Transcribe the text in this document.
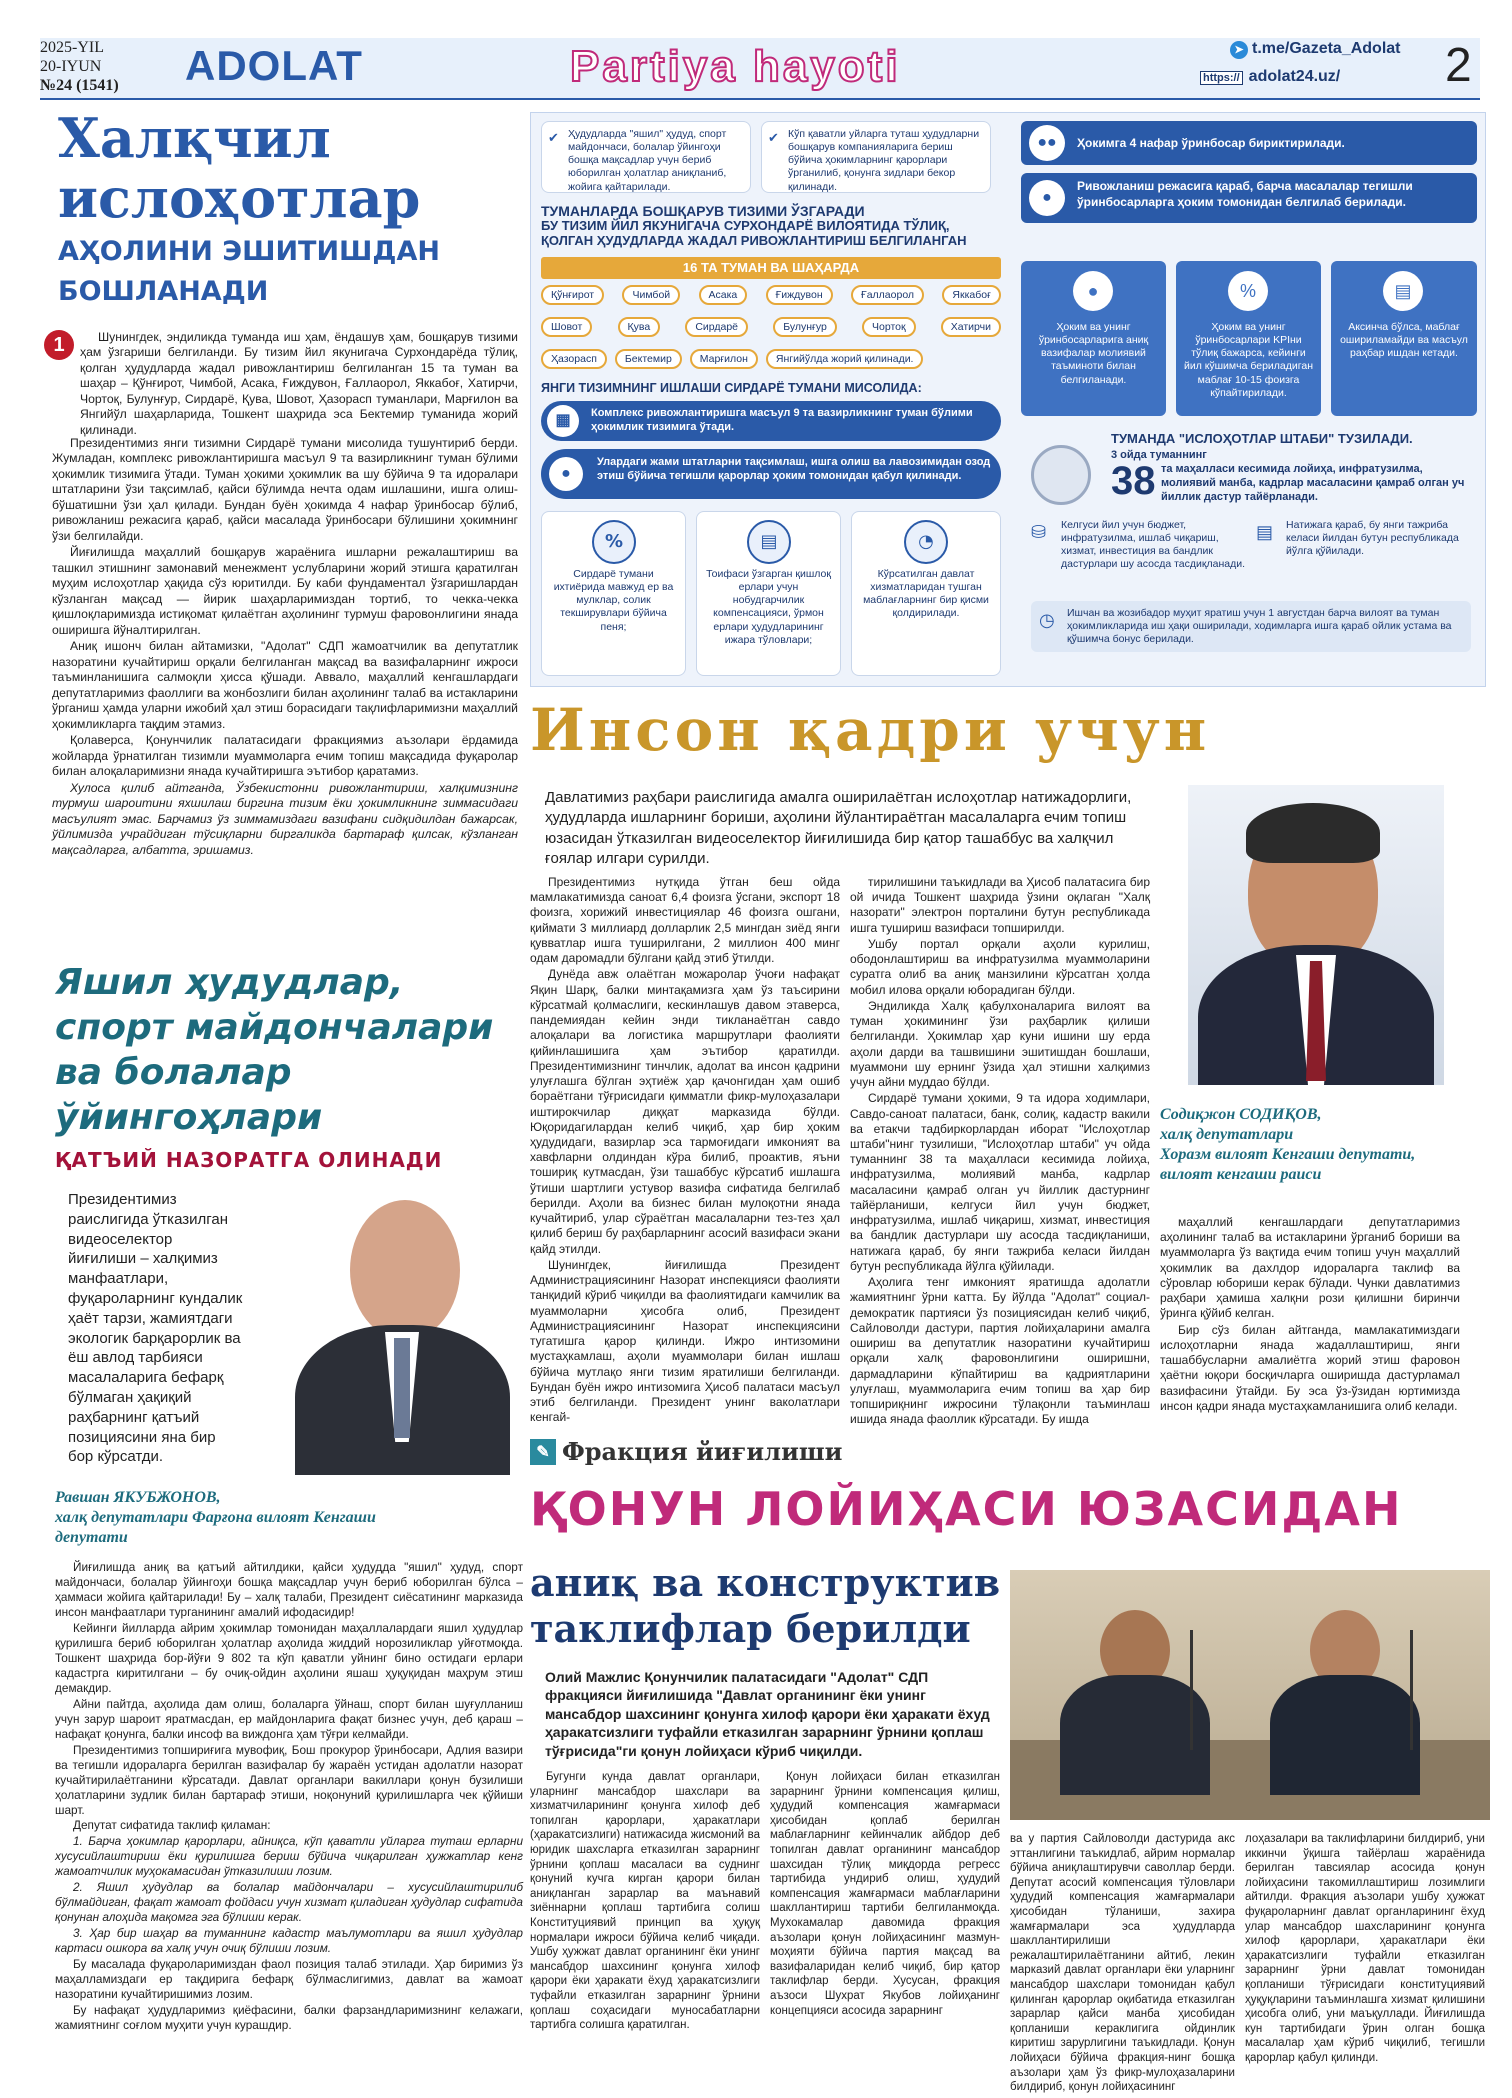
2025-YIL
20-IYUN
№24 (1541) ADOLAT	Partiya hayoti	➤ t.me/Gazeta_Adolat
https:// adolat24.uz/ 2
Халқчил
ислоҳотлар
АҲОЛИНИ ЭШИТИШДАН
БОШЛАНАДИ
1	Шунингдек, эндиликда туманда иш ҳам, ёндашув ҳам, бошқарув тизими ҳам ўзгариши белгиланди. Бу тизим йил якунигача Сурхондарёда тўлиқ, қолган ҳудудларда жадал ривожлантириш белгиланган 15 та туман ва шаҳар – Қўнғирот, Чимбой, Асака, Ғиждувон, Ғаллаорол, Яккабоғ, Хатирчи, Чортоқ, Булунғур, Сирдарё, Қува, Шовот, Ҳазорасп туманлари, Марғилон ва Янгийўл шаҳарларида, Тошкент шаҳрида эса Бектемир туманида жорий қилинади.

Президентимиз янги тизимни Сирдарё тумани мисолида тушунтириб берди. Жумладан, комплекс ривожлантиришга масъул 9 та вазирликнинг туман бўлими ҳокимлик тизимига ўтади. Туман ҳокими ҳокимлик ва шу бўйича 9 та идоралари штатларини ўзи тақсимлаб, қайси бўлимда нечта одам ишлашини, ишга олиш-бўшатишни ўзи ҳал қилади. Бундан буён ҳокимда 4 нафар ўринбосар бўлиб, ривожланиш режасига қараб, қайси масалада ўринбосари бўлишини ҳокимнинг ўзи белгилайди.

Йиғилишда маҳаллий бошқарув жараёнига ишларни режалаштириш ва ташкил этишнинг замонавий менежмент услубларини жорий этишга қаратилган муҳим ислоҳотлар ҳақида сўз юритилди. Бу каби фундаментал ўзгаришлардан кўзланган мақсад — йирик шаҳарларимиздан тортиб, то чекка-чекка қишлоқларимизда истиқомат қилаётган аҳолининг турмуш фаровонлигини янада оширишга йўналтирилган.

Аниқ ишонч билан айтамизки, "Адолат" СДП жамоатчилик ва депутатлик назоратини кучайтириш орқали белгиланган мақсад ва вазифаларнинг ижроси таъминланишига салмоқли ҳисса қўшади. Аввало, маҳаллий кенгашлардаги депутатларимиз фаоллиги ва жонбозлиги билан аҳолининг талаб ва истакларини ўрганиш ҳамда уларни ижобий ҳал этиш борасидаги тақлифларимизни маҳаллий ҳокимликларга тақдим этамиз.

Қолаверса, Қонунчилик палатасидаги фракциямиз аъзолари ёрдамида жойларда ўрнатилган тизимли муаммоларга ечим топиш мақсадида фуқаролар билан алоқаларимизни янада кучайтиришга эътибор қаратамиз.

Хулоса қилиб айтганда, Ўзбекистонни ривожлантириш, халқимизнинг турмуш шароитини яхшилаш биргина тизим ёки ҳокимликнинг зиммасидаги масъулият эмас. Барчамиз ўз зиммамиздаги вазифани сидқидилдан бажарсак, ўйлимизда учрайдиган тўсиқларни биргаликда бартараф қилсак, кўзланган мақсадларга, албатта, эришамиз.

✔ Ҳудудларда "яшил" ҳудуд, спорт майдончаси, болалар ўйингоҳи бошқа мақсадлар учун бериб юборилган ҳолатлар аниқланиб, жойига қайтарилади.
✔ Кўп қаватли уйларга туташ ҳудудларни бошқарув компанияларига бериш бўйича ҳокимларнинг қарорлари ўрганилиб, қонунга зидлари бекор қилинади.
ТУМАНЛАРДА БОШҚАРУВ ТИЗИМИ ЎЗГАРАДИ
БУ ТИЗИМ ЙИЛ ЯКУНИГАЧА СУРХОНДАРЁ ВИЛОЯТИДА ТЎЛИҚ, ҚОЛГАН ҲУДУДЛАРДА ЖАДАЛ РИВОЖЛАНТИРИШ БЕЛГИЛАНГАН
16 ТА ТУМАН ВА ШАҲАРДА
Қўнғирот	Чимбой	Асака	Ғиждувон	Ғаллаорол	Яккабоғ
Шовот	Қува	Сирдарё	Булунғур	Чортоқ	Хатирчи
Ҳазорасп	Бектемир	Марғилон	Янгийўлда жорий қилинади.
ЯНГИ ТИЗИМНИНГ ИШЛАШИ СИРДАРЁ ТУМАНИ МИСОЛИДА:
▦	Комплекс ривожлантиришга масъул 9 та вазирликнинг туман бўлими ҳокимлик тизимига ўтади.
●
Улардаги жами штатларни тақсимлаш, ишга олиш ва лавозимидан озод этиш бўйича тегишли қарорлар ҳоким томонидан қабул қилинади.
%
Сирдарё тумани ихтиёрида мавжуд ер ва мулклар, солик текширувлари бўйича пеня;
▤
Тоифаси ўзгарган қишлоқ ерлари учун нобудгарчилик компенсацияси, ўрмон ерлари ҳудудларининг ижара тўловлари;
◔
Кўрсатилган давлат хизматларидан тушган маблағларнинг бир қисми қолдирилади.
●●	Ҳокимга 4 нафар ўринбосар бириктирилади.
●
Ривожланиш режасига қараб, барча масалалар тегишли ўринбосарларга ҳоким томонидан белгилаб берилади.
●
Ҳоким ва унинг ўринбосарларига аниқ вазифалар молиявий таъминоти билан белгиланади.
%
Ҳоким ва унинг ўринбосарлари KPIни тўлиқ бажарса, кейинги йил кўшимча бериладиган маблағ 10-15 фоизга кўпайтирилади.
▤
Аксинча бўлса, маблағ ошириламайди ва масъул раҳбар ишдан кетади.
ТУМАНДА "ИСЛОҲОТЛАР ШТАБИ" ТУЗИЛАДИ.
3 ойда туманнинг
38 та маҳалласи кесимида лойиҳа, инфратузилма, молиявий манба, кадрлар масаласини қамраб олган уч йиллик дастур тайёрланади.
⛁ Келгуси йил учун бюджет, инфратузилма, ишлаб чиқариш, хизмат, инвестиция ва бандлик дастурлари шу асосда тасдиқланади.
▤ Натижага қараб, бу янги тажриба келаси йилдан бутун республикада йўлга қўйилади.
◷ Ишчан ва жозибадор муҳит яратиш учун 1 августдан барча вилоят ва туман ҳокимликларида иш ҳақи оширилади, ходимларга ишга қараб ойлик устама ва қўшимча бонус берилади.
Инсон қадри учун
Давлатимиз раҳбари раислигида амалга оширилаётган ислоҳотлар натижадорлиги, ҳудудларда ишларнинг бориши, аҳолини йўлантираётган масалаларга ечим топиш юзасидан ўтказилган видеоселектор йиғилишида бир қатор ташаббус ва халқчил ғоялар илгари сурилди.
Содиқжон СОДИҚОВ,
халқ депутатлари
Хоразм вилоят Кенгаши депутати,
вилоят кенгаши раиси

Президентимиз нутқида ўтган беш ойда мамлакатимизда саноат 6,4 фоизга ўсгани, экспорт 18 фоизга, хорижий инвестициялар 46 фоизга ошгани, қиймати 3 миллиард долларлик 2,5 мингдан зиёд янги қувватлар ишга туширилгани, 2 миллион 400 минг одам даромадли бўлгани қайд этиб ўтилди.

Дунёда авж олаётган можаролар ўчоғи нафақат Яқин Шарқ, балки минтақамизга ҳам ўз таъсирини кўрсатмай қолмаслиги, кескинлашув давом этаверса, пандемиядан кейин энди тикланаётган савдо алоқалари ва логистика маршрутлари фаолияти қийинлашишига ҳам эътибор қаратилди. Президентимизнинг тинчлик, адолат ва инсон қадрини улуғлашга бўлган эҳтиёж ҳар қачонгидан ҳам ошиб бораётгани тўғрисидаги қимматли фикр-мулоҳазалари иштирокчилар диққат марказида бўлди. Юқоридагилардан келиб чиқиб, ҳар бир ҳоким ҳудудидаги, вазирлар эса тармоғидаги имконият ва хавфларни олдиндан кўра билиб, проактив, яъни тошириқ кутмасдан, ўзи ташаббус кўрсатиб ишлашга ўтиши шартлиги устувор вазифа сифатида белгилаб берилди. Аҳоли ва бизнес билан мулоқотни янада кучайтириб, улар сўраётган масалаларни тез-тез ҳал қилиб бериш бу раҳбарларнинг асосий вазифаси экани қайд этилди.

Шунингдек, йиғилишда Президент Администрациясининг Назорат инспекцияси фаолияти танқидий кўриб чиқилди ва фаолиятидаги камчилик ва муаммоларни ҳисобга олиб, Президент Администрациясининг Назорат инспекциясини тугатишга қарор қилинди. Ижро интизомини мустаҳкамлаш, аҳоли муаммолари билан ишлаш бўйича мутлақо янги тизим яратилиши белгиланди. Бундан буён ижро интизомига Ҳисоб палатаси масъул этиб белгиланди. Президент унинг ваколатлари кенгай-

тирилишини таъкидлади ва Ҳисоб палатасига бир ой ичида Тошкент шаҳрида ўзини оқлаган "Халқ назорати" электрон порталини бутун республикада ишга тушириш вазифаси топширилди.

Ушбу портал орқали аҳоли курилиш, ободонлаштириш ва инфратузилма муаммоларини суратга олиб ва аниқ манзилини кўрсатган ҳолда мобил илова орқали юборадиган бўлди.

Эндиликда Халқ қабулхоналарига вилоят ва туман ҳокимининг ўзи раҳбарлик қилиши белгиланди. Ҳокимлар ҳар куни ишини шу ерда аҳоли дарди ва ташвишини эшитишдан бошлаши, муаммони шу ернинг ўзида ҳал этишни халқимиз учун айни муддао бўлди.

Сирдарё тумани ҳокими, 9 та идора ходимлари, Савдо-саноат палатаси, банк, солиқ, кадастр вакили ва етакчи тадбиркорлардан иборат "Ислоҳотлар штаби"нинг тузилиши, "Ислоҳотлар штаби" уч ойда туманнинг 38 та маҳалласи кесимида лойиҳа, инфратузилма, молиявий манба, кадрлар масаласини қамраб олган уч йиллик дастурнинг тайёрланиши, келгуси йил учун бюджет, инфратузилма, ишлаб чиқариш, хизмат, инвестиция ва бандлик дастурлари шу асосда тасдиқланиши, натижага қараб, бу янги тажриба келаси йилдан бутун республикада йўлга қўйилади.

Аҳолига тенг имконият яратишда адолатли жамиятнинг ўрни катта. Бу йўлда "Адолат" социал-демократик партияси ўз позициясидан келиб чиқиб, Сайловолди дастури, партия лойиҳаларини амалга ошириш ва депутатлик назоратини кучайтириш орқали халқ фаровонлигини оширишни, дармадларини кўпайтириш ва қадриятларини улуғлаш, муаммоларига ечим топиш ва ҳар бир топшириқнинг ижросини тўлақонли таъминлаш ишида янада фаоллик кўрсатади. Бу ишда

маҳаллий кенгашлардаги депутатларимиз аҳолининг талаб ва истакларини ўрганиб бориши ва муаммоларга ўз вақтида ечим топиш учун маҳаллий ҳокимлик ва дахлдор идораларга таклиф ва сўровлар юбориши керак бўлади. Чунки давлатимиз раҳбари ҳамиша халқни рози қилишни биринчи ўринга қўйиб келган.

Бир сўз билан айтганда, мамлакатимиздаги ислоҳотларни янада жадаллаштириш, янги ташаббусларни амалиётга жорий этиш фаровон ҳаётни юқори босқичларга оширишда дастурламал вазифасини ўтайди. Бу эса ўз-ўзидан юртимизда инсон қадри янада мустаҳкамланишига олиб келади.

Яшил ҳудудлар,
спорт майдончалари
ва болалар
ўйингоҳлари
ҚАТЪИЙ НАЗОРАТГА ОЛИНАДИ
Президентимиз раислигида ўтказилган видеоселектор йиғилиши – халқимиз манфаатлари, фуқароларнинг кундалик ҳаёт тарзи, жамиятдаги экологик барқарорлик ва ёш авлод тарбияси масалаларига бефарқ бўлмаган ҳақиқий раҳбарнинг қатъий позициясини яна бир бор кўрсатди.
Равшан ЯКУБЖОНОВ,
халқ депутатлари Фарғона вилоят Кенгаши
депутати

Йиғилишда аниқ ва қатъий айтилдики, қайси ҳудудда "яшил" ҳудуд, спорт майдончаси, болалар ўйингоҳи бошқа мақсадлар учун бериб юборилган бўлса – ҳаммаси жойига қайтарилади! Бу – халқ талаби, Президент сиёсатининг марказида инсон манфаатлари турганининг амалий ифодасидир!

Кейинги йилларда айрим ҳокимлар томонидан маҳаллалардаги яшил ҳудудлар қурилишга бериб юборилган ҳолатлар аҳолида жиддий норозиликлар уйғотмоқда. Тошкент шаҳрида бор-йўғи 9 802 та кўп қаватли уйнинг бино остидаги ерлари кадастрга киритилгани – бу очиқ-ойдин аҳолини яшаш ҳуқуқидан маҳрум этиш демакдир.

Айни пайтда, аҳолида дам олиш, болаларга ўйнаш, спорт билан шуғулланиш учун зарур шароит яратмасдан, ер майдонларига фақат бизнес учун, деб қараш – нафақат қонунга, балки инсоф ва виждонга ҳам тўғри келмайди.

Президентимиз топшириғига мувофиқ, Бош прокурор ўринбосари, Адлия вазири ва тегишли идораларга берилган вазифалар бу жараён устидан адолатли назорат кучайтирилаётганини кўрсатади. Давлат органлари вакиллари қонун бузилиши ҳолатларини зудлик билан бартараф этиши, ноқонуний қурилишларга чек қўйиши шарт.

Депутат сифатида таклиф қиламан:

1. Барча ҳокимлар қарорлари, айниқса, кўп қаватли уйларга туташ ерларни хусусийлаштириш ёки қурилишга бериш бўйича чиқарилган ҳужжатлар кенг жамоатчилик муҳокамасидан ўтказилиши лозим.

2. Яшил ҳудудлар ва болалар майдончалари – хусусийлаштирилиб бўлмайдиган, фақат жамоат фойдаси учун хизмат қиладиган ҳудудлар сифатида қонунан алоҳида мақомга эга бўлиши керак.

3. Ҳар бир шаҳар ва туманнинг кадастр маълумотлари ва яшил ҳудудлар картаси ошкора ва халқ учун очиқ бўлиши лозим.

Бу масалада фуқароларимиздан фаол позиция талаб этилади. Ҳар биримиз ўз маҳалламиздаги ер тақдирига бефарқ бўлмаслигимиз, давлат ва жамоат назоратини кучайтиришимиз лозим.

Бу нафақат ҳудудларимиз қиёфасини, балки фарзандларимизнинг келажаги, жамиятнинг соғлом муҳити учун курашдир.

✎ Фракция йиғилиши
ҚОНУН ЛОЙИҲАСИ ЮЗАСИДАН
аниқ ва конструктив
таклифлар берилди
Олий Мажлис Қонунчилик палатасидаги "Адолат" СДП фракцияси йиғилишида "Давлат органининг ёки унинг мансабдор шахсининг қонунга хилоф қарори ёки ҳаракати ёхуд ҳаракатсизлиги туфайли етказилган зарарнинг ўрнини қоплаш тўғрисида"ги қонун лойиҳаси кўриб чиқилди.
Бугунги кунда давлат органлари, уларнинг мансабдор шахслари ва хизматчиларининг қонунга хилоф деб топилган қарорлари, ҳаракатлари (ҳаракатсизлиги) натижасида жисмоний ва юридик шахсларга етказилган зарарнинг ўрнини қоплаш масаласи ва суднинг қонуний кучга кирган қарори билан аниқланган зарарлар ва маънавий зиённарни қоплаш тартибига солиш Конституциявий принцип ва ҳуқуқ нормалари ижроси бўйича келиб чиқади. Ушбу ҳужжат давлат органининг ёки унинг мансабдор шахсининг қонунга хилоф қарори ёки ҳаракати ёхуд ҳаракатсизлиги туфайли етказилган зарарнинг ўрнини қоплаш соҳасидаги муносабатларни тартибга солишга қаратилган.
Қонун лойиҳаси билан етказилган зарарнинг ўрнини компенсация қилиш, ҳудудий компенсация жамғармаси ҳисобидан қоплаб берилган маблағларнинг кейинчалик айбдор деб топилган давлат органининг мансабдор шахсидан тўлиқ миқдорда регресс тартибида ундириб олиш, ҳудудий компенсация жамғармаси маблағларини шакллантириш тартиби белгиланмоқда. Мухокамалар давомида фракция аъзолари қонун лойиҳасининг мазмун-моҳияти бўйича партия мақсад ва вазифаларидан келиб чиқиб, бир қатор таклифлар берди. Хусусан, фракция аъзоси Шухрат Якубов лойиҳанинг концепцияси асосида зарарнинг
ва у партия Сайловолди дастурида акс эттанлигини таъкидлаб, айрим нормалар бўйича аниқлаштирувчи саволлар берди. Депутат асосий компенсация тўловлари ҳудудий компенсация жамғармалари ҳисобидан тўланиши, захира жамғармалари эса ҳудудларда шакллантирилиши режалаштирилаётганини айтиб, лекин марказий давлат органлари ёки уларнинг мансабдор шахслари томонидан қабул қилинган қарорлар оқибатида етказилган зарарлар қайси манба ҳисобидан қопланиши кераклигига ойдинлик киритиш зарурлигини таъкидлади. Қонун лойиҳаси бўйича фракция-нинг бошқа аъзолари ҳам ўз фикр-мулоҳазаларини билдириб, қонун лойиҳасининг
лоҳазалари ва таклифларини билдириб, уни иккинчи ўқишга тайёрлаш жараёнида берилган тавсиялар асосида қонун лойиҳасини такомиллаштириш лозимлиги айтилди. Фракция аъзолари ушбу ҳужжат фуқароларнинг давлат органларининг ёхуд улар мансабдор шахсларининг қонунга хилоф қарорлари, ҳаракатлари ёки ҳаракатсизлиги туфайли етказилган зарарнинг ўрни давлат томонидан қопланиши тўғрисидаги конституциявий ҳуқуқларини таъминлашга хизмат қилишини ҳисобга олиб, уни маъқуллади. Йиғилишда кун тартибидаги ўрин олган бошқа масалалар ҳам кўриб чиқилиб, тегишли қарорлар қабул қилинди.
